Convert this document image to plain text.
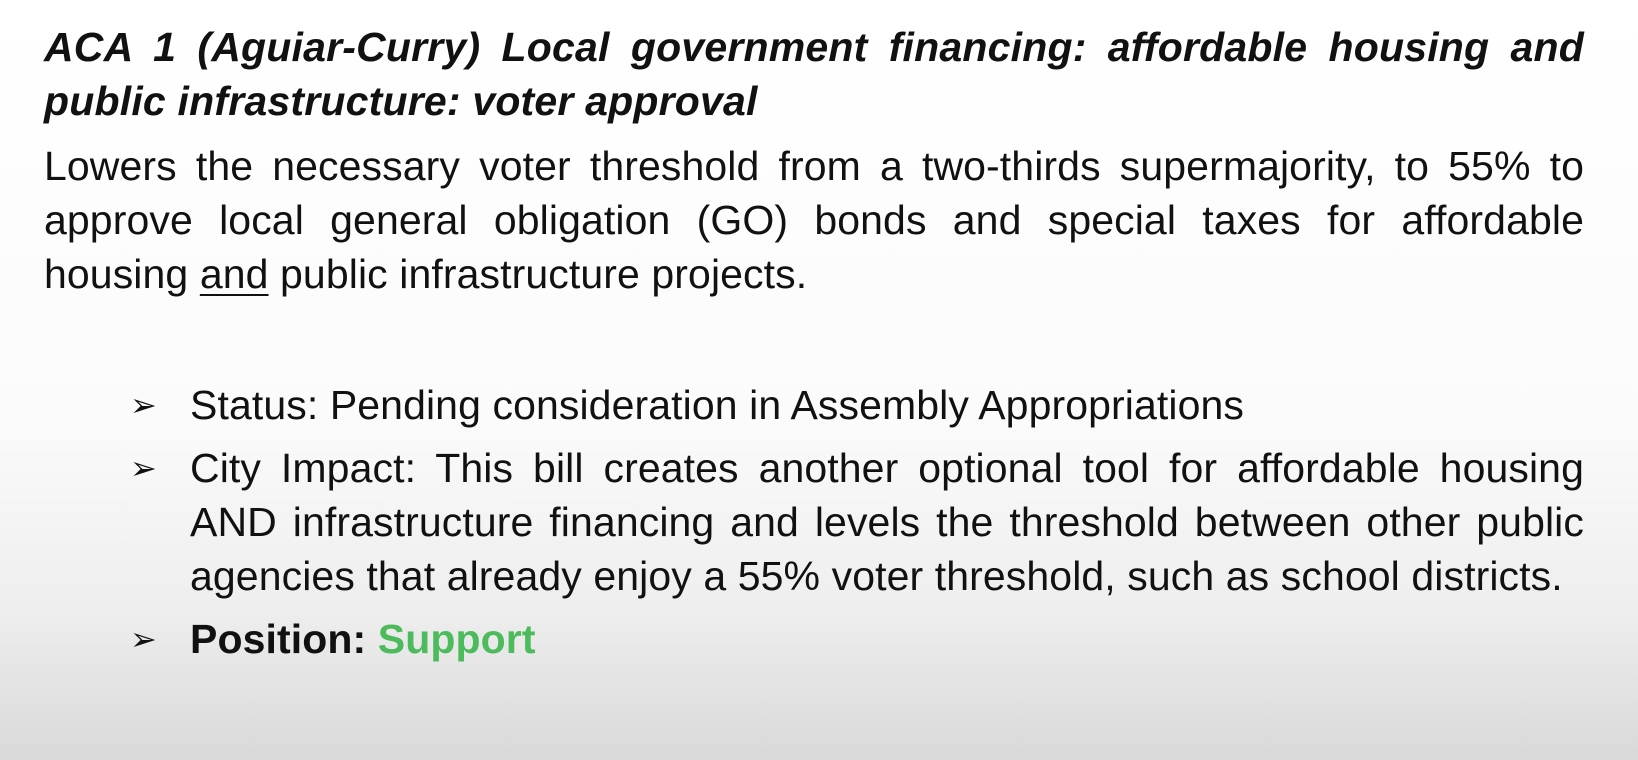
ACA 1 (Aguiar-Curry) Local government financing: affordable housing and public infrastructure: voter approval

Lowers the necessary voter threshold from a two-thirds supermajority, to 55% to approve local general obligation (GO) bonds and special taxes for affordable housing and public infrastructure projects.

➢ Status: Pending consideration in Assembly Appropriations
➢ City Impact: This bill creates another optional tool for affordable housing AND infrastructure financing and levels the threshold between other public agencies that already enjoy a 55% voter threshold, such as school districts.
➢ Position: Support
